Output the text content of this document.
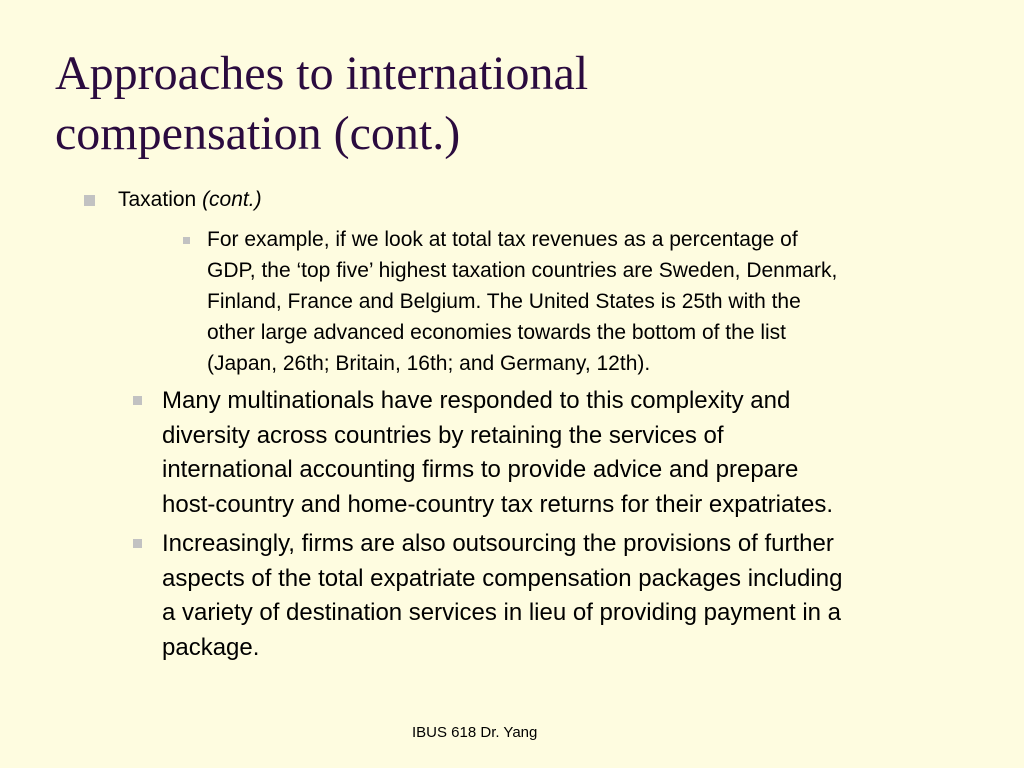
Approaches to international
compensation (cont.)
Taxation (cont.)
For example, if we look at total tax revenues as a percentage of
GDP, the ‘top five’ highest taxation countries are Sweden, Denmark,
Finland, France and Belgium. The United States is 25th with the
other large advanced economies towards the bottom of the list
(Japan, 26th; Britain, 16th; and Germany, 12th).
Many multinationals have responded to this complexity and
diversity across countries by retaining the services of
international accounting firms to provide advice and prepare
host-country and home-country tax returns for their expatriates.
Increasingly, firms are also outsourcing the provisions of further
aspects of the total expatriate compensation packages including
a variety of destination services in lieu of providing payment in a
package.
IBUS 618 Dr. Yang
